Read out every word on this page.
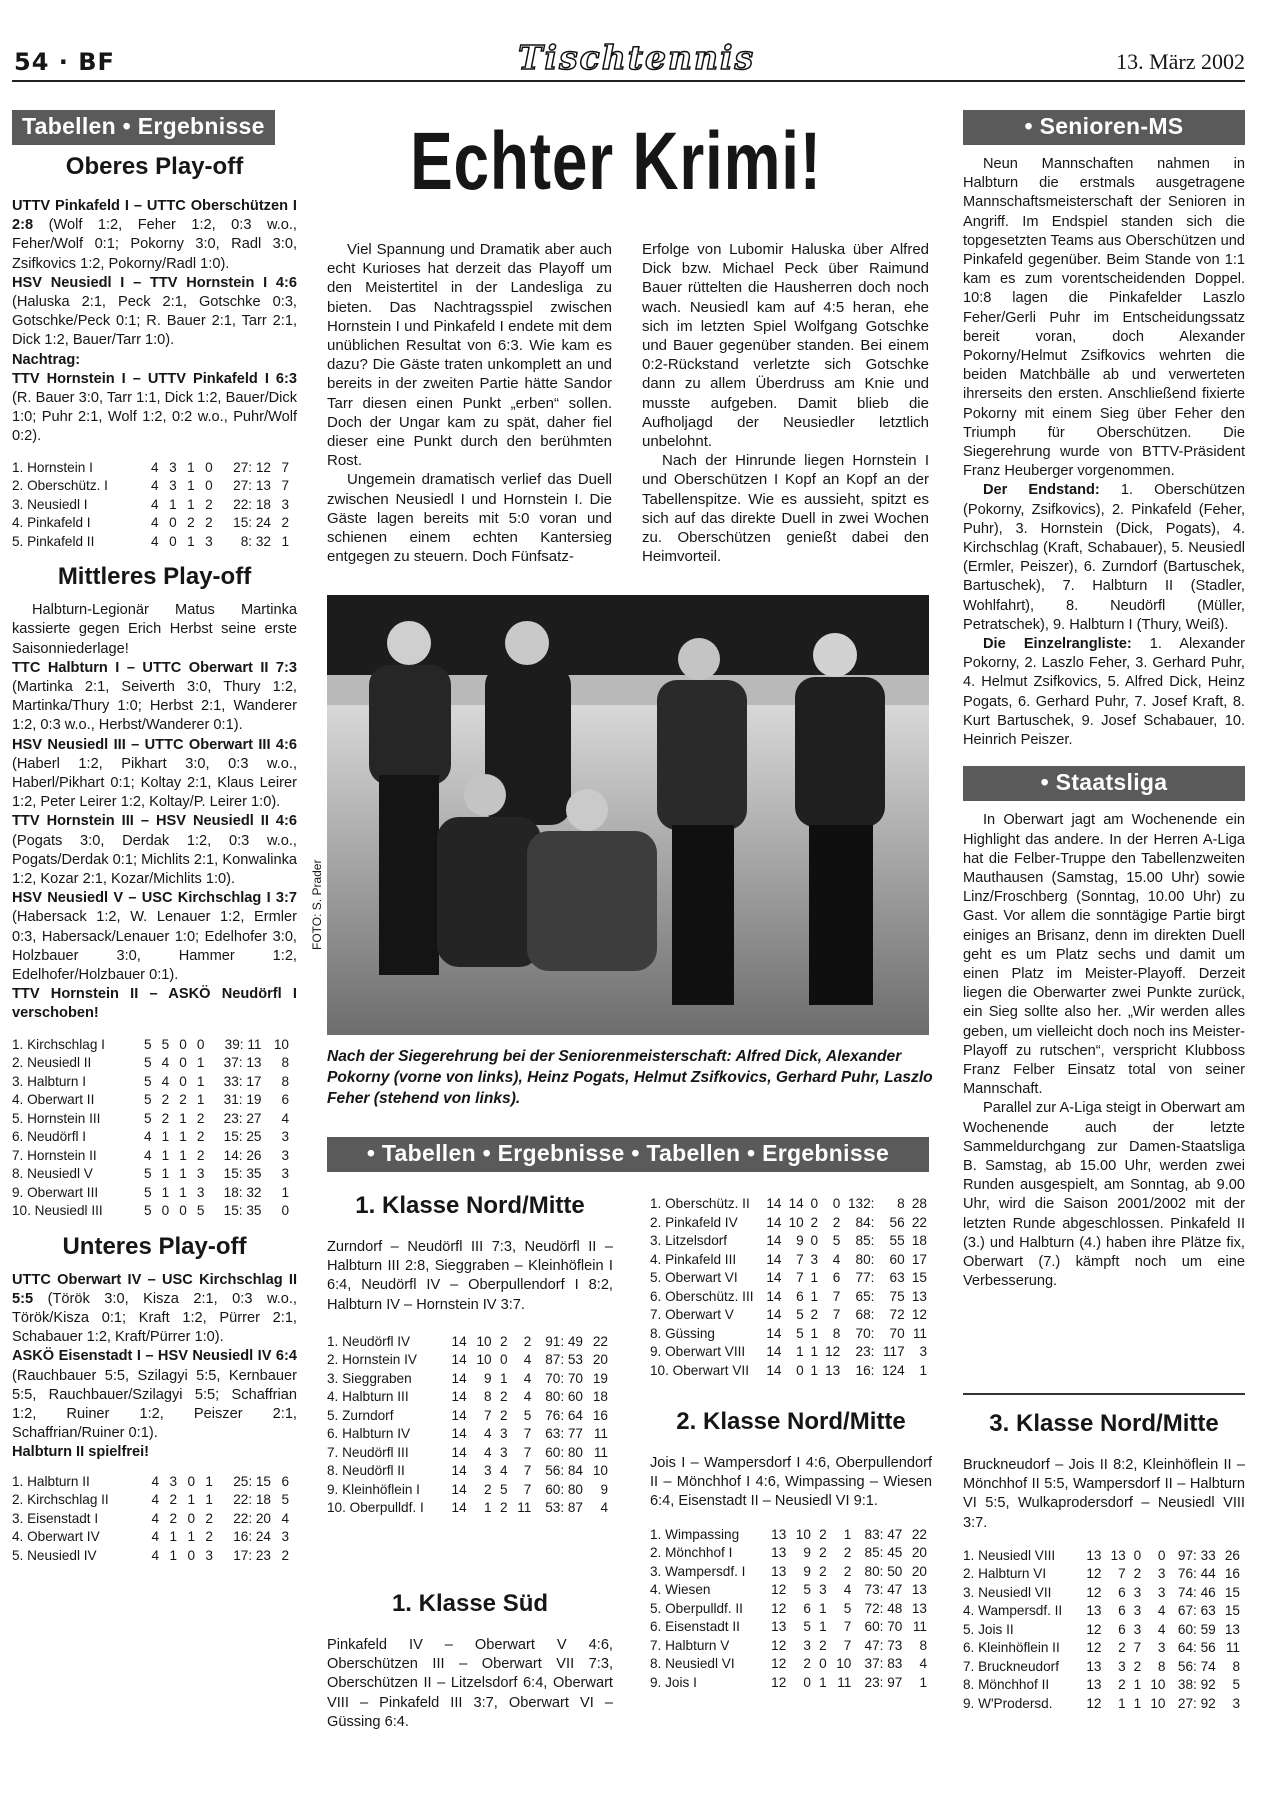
54 · BF	Tischtennis	13. März 2002
Tabellen • Ergebnisse
Oberes Play-off

UTTV Pinkafeld I – UTTC Oberschützen I 2:8 (Wolf 1:2, Feher 1:2, 0:3 w.o., Feher/Wolf 0:1; Pokorny 3:0, Radl 3:0, Zsifkovics 1:2, Pokorny/Radl 1:0).

HSV Neusiedl I – TTV Hornstein I 4:6 (Haluska 2:1, Peck 2:1, Gotschke 0:3, Gotschke/Peck 0:1; R. Bauer 2:1, Tarr 2:1, Dick 1:2, Bauer/Tarr 1:0).

Nachtrag:

TTV Hornstein I – UTTV Pinkafeld I 6:3 (R. Bauer 3:0, Tarr 1:1, Dick 1:2, Bauer/Dick 1:0; Puhr 2:1, Wolf 1:2, 0:2 w.o., Puhr/Wolf 0:2).

1. Hornstein I	4	3	1	0	27: 12	7
2. Oberschütz. I	4	3	1	0	27: 13	7
3. Neusiedl I	4	1	1	2	22: 18	3
4. Pinkafeld I	4	0	2	2	15: 24	2
5. Pinkafeld II	4	0	1	3	8: 32	1
Mittleres Play-off

Halbturn-Legionär Matus Martinka kassierte gegen Erich Herbst seine erste Saisonniederlage!

TTC Halbturn I – UTTC Oberwart II 7:3 (Martinka 2:1, Seiverth 3:0, Thury 1:2, Martinka/Thury 1:0; Herbst 2:1, Wanderer 1:2, 0:3 w.o., Herbst/Wanderer 0:1).

HSV Neusiedl III – UTTC Oberwart III 4:6 (Haberl 1:2, Pikhart 3:0, 0:3 w.o., Haberl/Pikhart 0:1; Koltay 2:1, Klaus Leirer 1:2, Peter Leirer 1:2, Koltay/P. Leirer 1:0).

TTV Hornstein III – HSV Neusiedl II 4:6 (Pogats 3:0, Derdak 1:2, 0:3 w.o., Pogats/Derdak 0:1; Michlits 2:1, Konwalinka 1:2, Kozar 2:1, Kozar/Michlits 1:0).

HSV Neusiedl V – USC Kirchschlag I 3:7 (Habersack 1:2, W. Lenauer 1:2, Ermler 0:3, Habersack/Lenauer 1:0; Edelhofer 3:0, Holzbauer 3:0, Hammer 1:2, Edelhofer/Holzbauer 0:1).

TTV Hornstein II – ASKÖ Neudörfl I verschoben!

1. Kirchschlag I	5	5	0	0	39: 11	10
2. Neusiedl II	5	4	0	1	37: 13	8
3. Halbturn I	5	4	0	1	33: 17	8
4. Oberwart II	5	2	2	1	31: 19	6
5. Hornstein III	5	2	1	2	23: 27	4
6. Neudörfl I	4	1	1	2	15: 25	3
7. Hornstein II	4	1	1	2	14: 26	3
8. Neusiedl V	5	1	1	3	15: 35	3
9. Oberwart III	5	1	1	3	18: 32	1
10. Neusiedl III	5	0	0	5	15: 35	0
Unteres Play-off

UTTC Oberwart IV – USC Kirchschlag II 5:5 (Török 3:0, Kisza 2:1, 0:3 w.o., Török/Kisza 0:1; Kraft 1:2, Pürrer 2:1, Schabauer 1:2, Kraft/Pürrer 1:0).

ASKÖ Eisenstadt I – HSV Neusiedl IV 6:4 (Rauchbauer 5:5, Szilagyi 5:5, Kernbauer 5:5, Rauchbauer/Szilagyi 5:5; Schaffrian 1:2, Ruiner 1:2, Peiszer 2:1, Schaffrian/Ruiner 0:1).

Halbturn II spielfrei!

1. Halbturn II	4	3	0	1	25: 15	6
2. Kirchschlag II	4	2	1	1	22: 18	5
3. Eisenstadt I	4	2	0	2	22: 20	4
4. Oberwart IV	4	1	1	2	16: 24	3
5. Neusiedl IV	4	1	0	3	17: 23	2
Echter Krimi!

Viel Spannung und Dramatik aber auch echt Kurioses hat derzeit das Playoff um den Meistertitel in der Landesliga zu bieten. Das Nachtragsspiel zwischen Hornstein I und Pinkafeld I endete mit dem unüblichen Resultat von 6:3. Wie kam es dazu? Die Gäste traten unkomplett an und bereits in der zweiten Partie hätte Sandor Tarr diesen einen Punkt „erben“ sollen. Doch der Ungar kam zu spät, daher fiel dieser eine Punkt durch den berühmten Rost.

Ungemein dramatisch verlief das Duell zwischen Neusiedl I und Hornstein I. Die Gäste lagen bereits mit 5:0 voran und schienen einem echten Kantersieg entgegen zu steuern. Doch Fünfsatz-

Erfolge von Lubomir Haluska über Alfred Dick bzw. Michael Peck über Raimund Bauer rüttelten die Hausherren doch noch wach. Neusiedl kam auf 4:5 heran, ehe sich im letzten Spiel Wolfgang Gotschke und Bauer gegenüber standen. Bei einem 0:2-Rückstand verletzte sich Gotschke dann zu allem Überdruss am Knie und musste aufgeben. Damit blieb die Aufholjagd der Neusiedler letztlich unbelohnt.

Nach der Hinrunde liegen Hornstein I und Oberschützen I Kopf an Kopf an der Tabellenspitze. Wie es aussieht, spitzt es sich auf das direkte Duell in zwei Wochen zu. Oberschützen genießt dabei den Heimvorteil.

FOTO: S. Prader
Nach der Siegerehrung bei der Seniorenmeisterschaft: Alfred Dick, Alexander Pokorny (vorne von links), Heinz Pogats, Helmut Zsifkovics, Gerhard Puhr, Laszlo Feher (stehend von links).
• Senioren-MS

Neun Mannschaften nahmen in Halbturn die erstmals ausgetragene Mannschaftsmeisterschaft der Senioren in Angriff. Im Endspiel standen sich die topgesetzten Teams aus Oberschützen und Pinkafeld gegenüber. Beim Stande von 1:1 kam es zum vorentscheidenden Doppel. 10:8 lagen die Pinkafelder Laszlo Feher/Gerli Puhr im Entscheidungssatz bereit voran, doch Alexander Pokorny/Helmut Zsifkovics wehrten die beiden Matchbälle ab und verwerteten ihrerseits den ersten. Anschließend fixierte Pokorny mit einem Sieg über Feher den Triumph für Oberschützen. Die Siegerehrung wurde von BTTV-Präsident Franz Heuberger vorgenommen.

Der Endstand: 1. Oberschützen (Pokorny, Zsifkovics), 2. Pinkafeld (Feher, Puhr), 3. Hornstein (Dick, Pogats), 4. Kirchschlag (Kraft, Schabauer), 5. Neusiedl (Ermler, Peiszer), 6. Zurndorf (Bartuschek, Bartuschek), 7. Halbturn II (Stadler, Wohlfahrt), 8. Neudörfl (Müller, Petratschek), 9. Halbturn I (Thury, Weiß).

Die Einzelrangliste: 1. Alexander Pokorny, 2. Laszlo Feher, 3. Gerhard Puhr, 4. Helmut Zsifkovics, 5. Alfred Dick, Heinz Pogats, 6. Gerhard Puhr, 7. Josef Kraft, 8. Kurt Bartuschek, 9. Josef Schabauer, 10. Heinrich Peiszer.

• Staatsliga

In Oberwart jagt am Wochenende ein Highlight das andere. In der Herren A-Liga hat die Felber-Truppe den Tabellenzweiten Mauthausen (Samstag, 15.00 Uhr) sowie Linz/Froschberg (Sonntag, 10.00 Uhr) zu Gast. Vor allem die sonntägige Partie birgt einiges an Brisanz, denn im direkten Duell geht es um Platz sechs und damit um einen Platz im Meister-Playoff. Derzeit liegen die Oberwarter zwei Punkte zurück, ein Sieg sollte also her. „Wir werden alles geben, um vielleicht doch noch ins Meister-Playoff zu rutschen“, verspricht Klubboss Franz Felber Einsatz total von seiner Mannschaft.

Parallel zur A-Liga steigt in Oberwart am Wochenende auch der letzte Sammeldurchgang zur Damen-Staatsliga B. Samstag, ab 15.00 Uhr, werden zwei Runden ausgespielt, am Sonntag, ab 9.00 Uhr, wird die Saison 2001/2002 mit der letzten Runde abgeschlossen. Pinkafeld II (3.) und Halbturn (4.) haben ihre Plätze fix, Oberwart (7.) kämpft noch um eine Verbesserung.

• Tabellen • Ergebnisse • Tabellen • Ergebnisse
1. Klasse Nord/Mitte
Zurndorf – Neudörfl III 7:3, Neudörfl II – Halbturn III 2:8, Sieggraben – Kleinhöflein I 6:4, Neudörfl IV – Oberpullendorf I 8:2, Halbturn IV – Hornstein IV 3:7.
1. Neudörfl IV	14	10	2	2	91: 49	22
2. Hornstein IV	14	10	0	4	87: 53	20
3. Sieggraben	14	9	1	4	70: 70	19
4. Halbturn III	14	8	2	4	80: 60	18
5. Zurndorf	14	7	2	5	76: 64	16
6. Halbturn IV	14	4	3	7	63: 77	11
7. Neudörfl III	14	4	3	7	60: 80	11
8. Neudörfl II	14	3	4	7	56: 84	10
9. Kleinhöflein I	14	2	5	7	60: 80	9
10. Oberpulldf. I	14	1	2	11	53: 87	4
1. Klasse Süd
Pinkafeld IV – Oberwart V 4:6, Oberschützen III – Oberwart VII 7:3, Oberschützen II – Litzelsdorf 6:4, Oberwart VIII – Pinkafeld III 3:7, Oberwart VI – Güssing 6:4.
1. Oberschütz. II	14	14	0	0	132:	8	28
2. Pinkafeld IV	14	10	2	2	84:	56	22
3. Litzelsdorf	14	9	0	5	85:	55	18
4. Pinkafeld III	14	7	3	4	80:	60	17
5. Oberwart VI	14	7	1	6	77:	63	15
6. Oberschütz. III	14	6	1	7	65:	75	13
7. Oberwart V	14	5	2	7	68:	72	12
8. Güssing	14	5	1	8	70:	70	11
9. Oberwart VIII	14	1	1	12	23:	117	3
10. Oberwart VII	14	0	1	13	16:	124	1
2. Klasse Nord/Mitte
Jois I – Wampersdorf I 4:6, Oberpullendorf II – Mönchhof I 4:6, Wimpassing – Wiesen 6:4, Eisenstadt II – Neusiedl VI 9:1.
1. Wimpassing	13	10	2	1	83: 47	22
2. Mönchhof I	13	9	2	2	85: 45	20
3. Wampersdf. I	13	9	2	2	80: 50	20
4. Wiesen	12	5	3	4	73: 47	13
5. Oberpulldf. II	12	6	1	5	72: 48	13
6. Eisenstadt II	13	5	1	7	60: 70	11
7. Halbturn V	12	3	2	7	47: 73	8
8. Neusiedl VI	12	2	0	10	37: 83	4
9. Jois I	12	0	1	11	23: 97	1
3. Klasse Nord/Mitte
Bruckneudorf – Jois II 8:2, Kleinhöflein II – Mönchhof II 5:5, Wampersdorf II – Halbturn VI 5:5, Wulkaprodersdorf – Neusiedl VIII 3:7.
1. Neusiedl VIII	13	13	0	0	97: 33	26
2. Halbturn VI	12	7	2	3	76: 44	16
3. Neusiedl VII	12	6	3	3	74: 46	15
4. Wampersdf. II	13	6	3	4	67: 63	15
5. Jois II	12	6	3	4	60: 59	13
6. Kleinhöflein II	12	2	7	3	64: 56	11
7. Bruckneudorf	13	3	2	8	56: 74	8
8. Mönchhof II	13	2	1	10	38: 92	5
9. W'Prodersd.	12	1	1	10	27: 92	3
